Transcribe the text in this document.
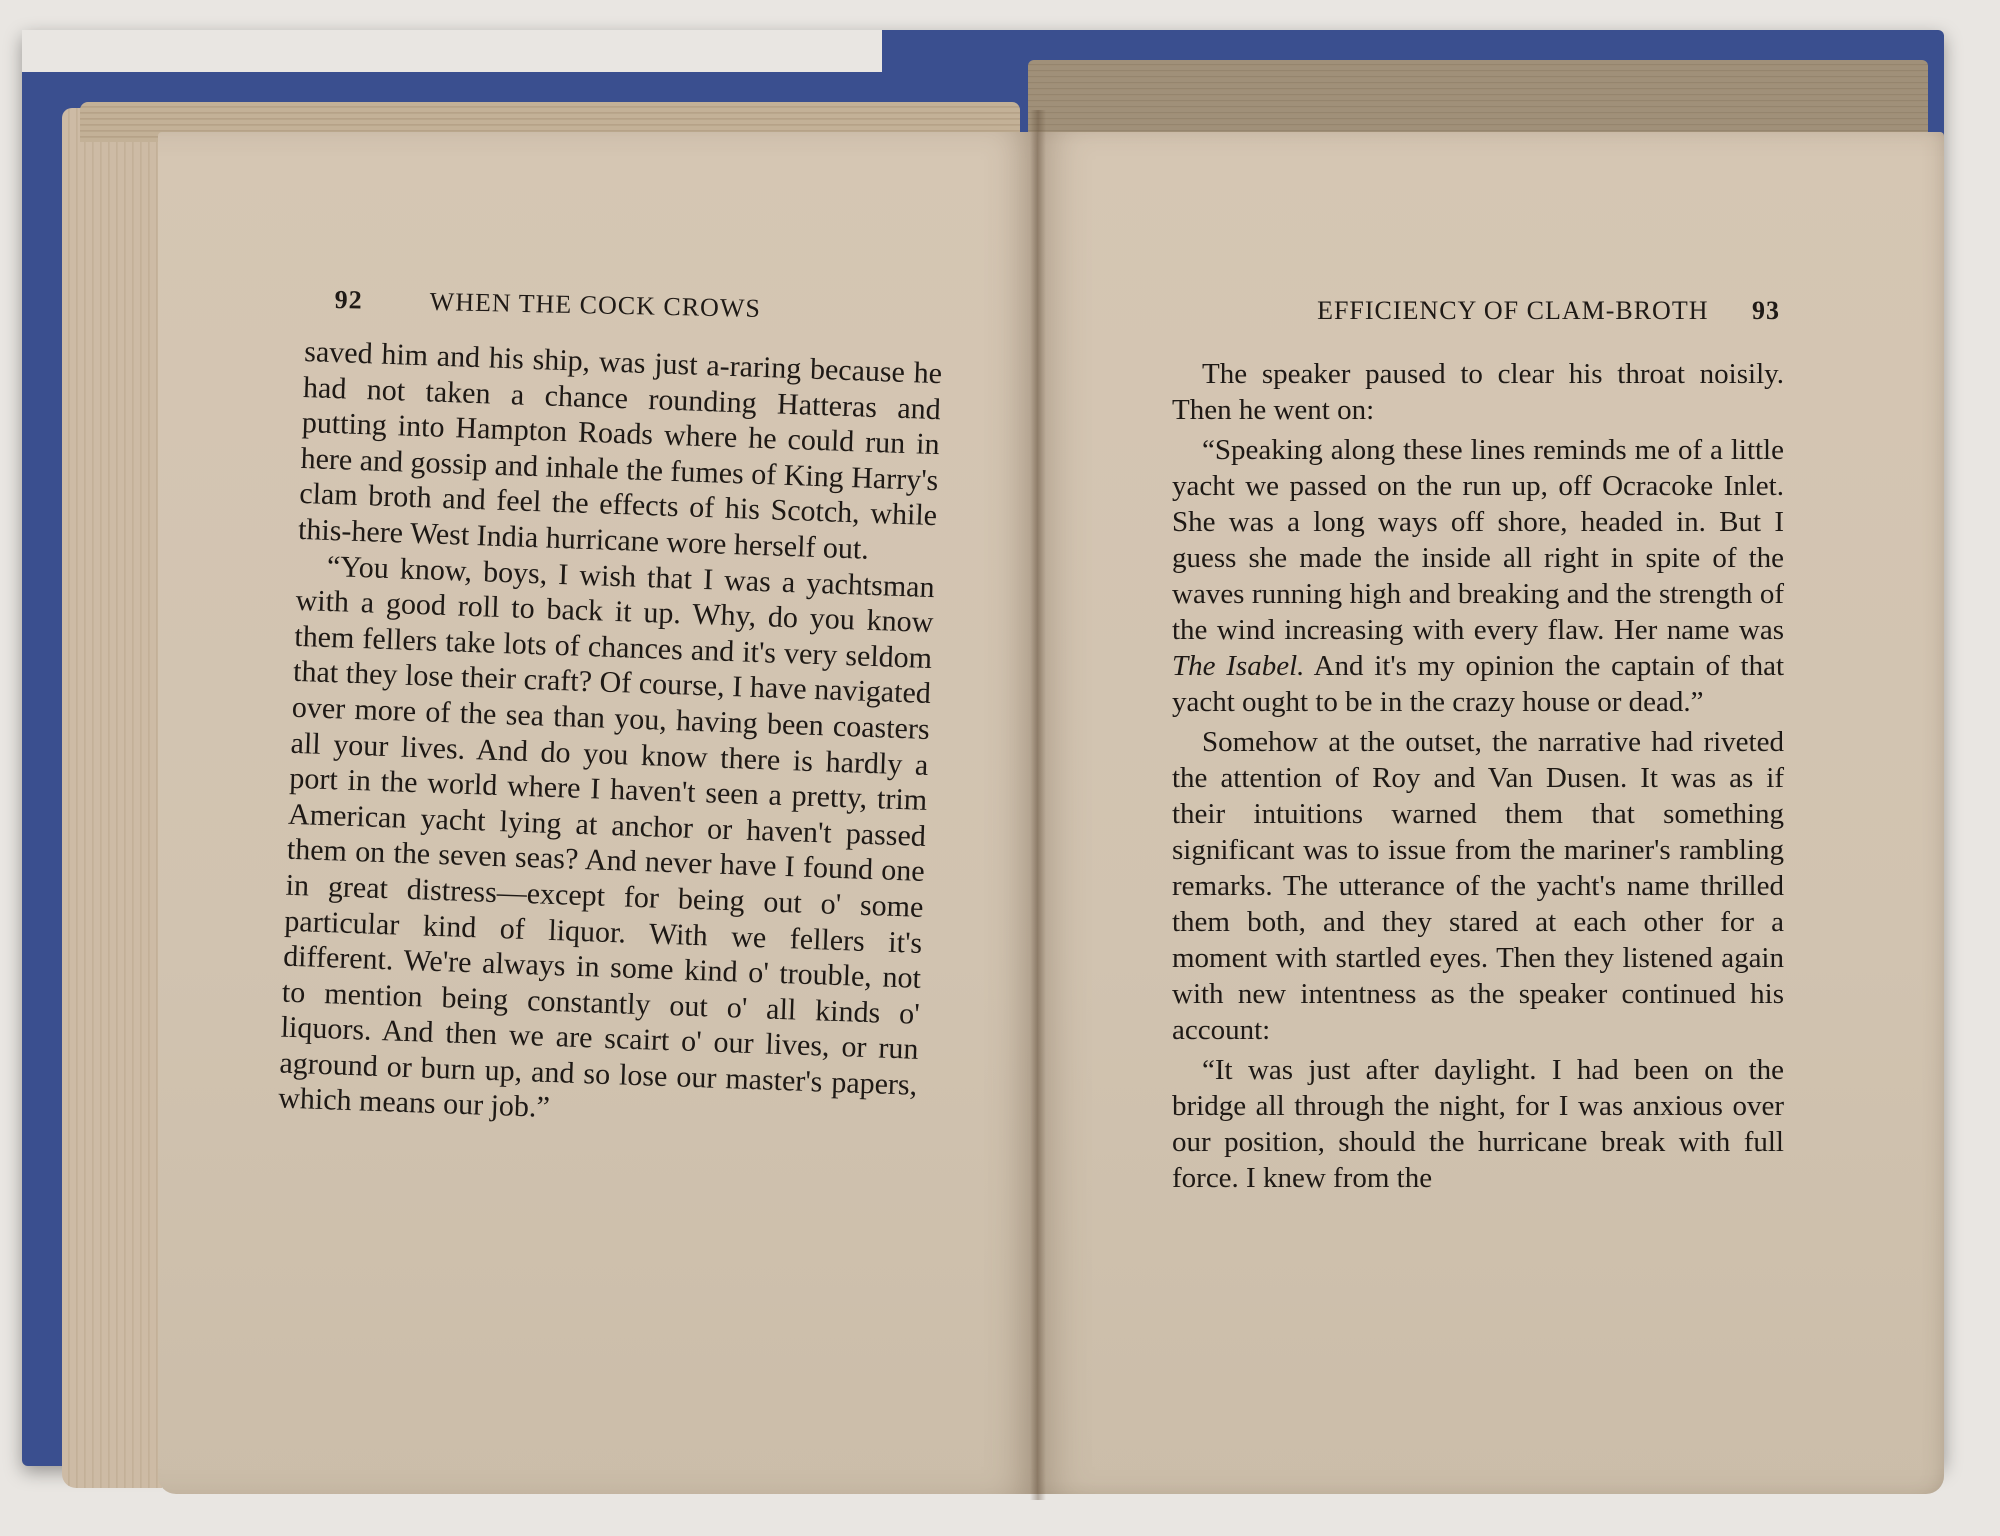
92	WHEN THE COCK CROWS

saved him and his ship, was just a-raring because he had not taken a chance rounding Hatteras and putting into Hampton Roads where he could run in here and gossip and inhale the fumes of King Harry's clam broth and feel the effects of his Scotch, while this-here West India hurricane wore herself out.

“You know, boys, I wish that I was a yachtsman with a good roll to back it up. Why, do you know them fellers take lots of chances and it's very seldom that they lose their craft? Of course, I have navigated over more of the sea than you, having been coasters all your lives. And do you know there is hardly a port in the world where I haven't seen a pretty, trim American yacht lying at anchor or haven't passed them on the seven seas? And never have I found one in great distress—except for being out o' some particular kind of liquor. With we fellers it's different. We're always in some kind o' trouble, not to mention being constantly out o' all kinds o' liquors. And then we are scairt o' our lives, or run aground or burn up, and so lose our master's papers, which means our job.”

EFFICIENCY OF CLAM-BROTH 93

The speaker paused to clear his throat noisily. Then he went on:

“Speaking along these lines reminds me of a little yacht we passed on the run up, off Ocracoke Inlet. She was a long ways off shore, headed in. But I guess she made the inside all right in spite of the waves running high and breaking and the strength of the wind increasing with every flaw. Her name was The Isabel. And it's my opinion the captain of that yacht ought to be in the crazy house or dead.”

Somehow at the outset, the narrative had riveted the attention of Roy and Van Dusen. It was as if their intuitions warned them that something significant was to issue from the mariner's rambling remarks. The utterance of the yacht's name thrilled them both, and they stared at each other for a moment with startled eyes. Then they listened again with new intentness as the speaker continued his account:

“It was just after daylight. I had been on the bridge all through the night, for I was anxious over our position, should the hurricane break with full force. I knew from the
